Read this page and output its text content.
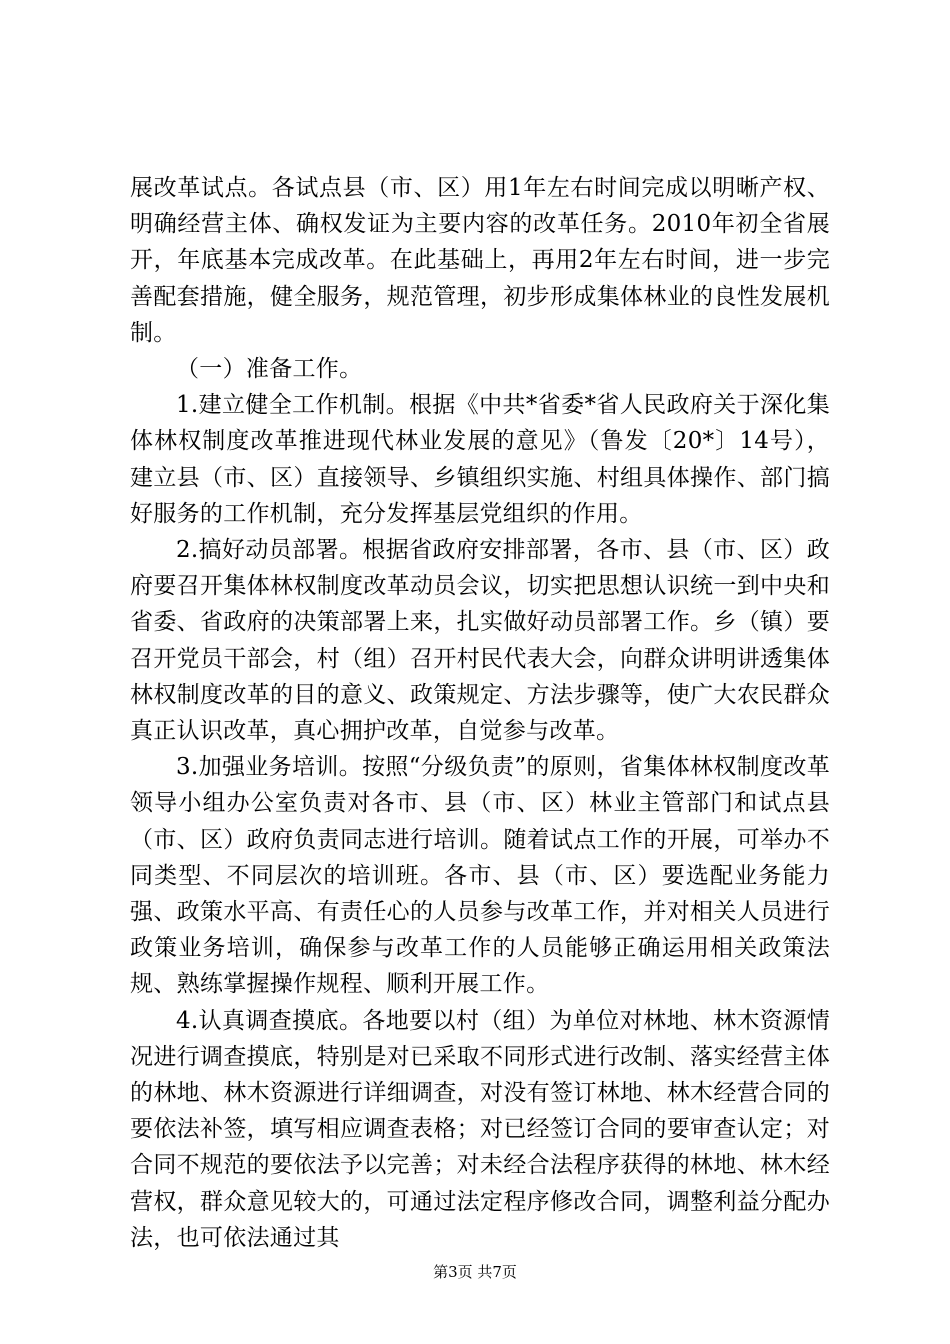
展改革试点。各试点县（市、区）用1年左右时间完成以明晰产权、明确经营主体、确权发证为主要内容的改革任务。2010年初全省展开，年底基本完成改革。在此基础上，再用2年左右时间，进一步完善配套措施，健全服务，规范管理，初步形成集体林业的良性发展机制。

（一）准备工作。

1.建立健全工作机制。根据《中共*省委*省人民政府关于深化集体林权制度改革推进现代林业发展的意见》（鲁发〔20*〕14号），建立县（市、区）直接领导、乡镇组织实施、村组具体操作、部门搞好服务的工作机制，充分发挥基层党组织的作用。

2.搞好动员部署。根据省政府安排部署，各市、县（市、区）政府要召开集体林权制度改革动员会议，切实把思想认识统一到中央和省委、省政府的决策部署上来，扎实做好动员部署工作。乡（镇）要召开党员干部会，村（组）召开村民代表大会，向群众讲明讲透集体林权制度改革的目的意义、政策规定、方法步骤等，使广大农民群众真正认识改革，真心拥护改革，自觉参与改革。

3.加强业务培训。按照“分级负责”的原则，省集体林权制度改革领导小组办公室负责对各市、县（市、区）林业主管部门和试点县（市、区）政府负责同志进行培训。随着试点工作的开展，可举办不同类型、不同层次的培训班。各市、县（市、区）要选配业务能力强、政策水平高、有责任心的人员参与改革工作，并对相关人员进行政策业务培训，确保参与改革工作的人员能够正确运用相关政策法规、熟练掌握操作规程、顺利开展工作。

4.认真调查摸底。各地要以村（组）为单位对林地、林木资源情况进行调查摸底，特别是对已采取不同形式进行改制、落实经营主体的林地、林木资源进行详细调查，对没有签订林地、林木经营合同的要依法补签，填写相应调查表格；对已经签订合同的要审查认定；对合同不规范的要依法予以完善；对未经合法程序获得的林地、林木经营权，群众意见较大的，可通过法定程序修改合同，调整利益分配办法，也可依法通过其

第3页 共7页
